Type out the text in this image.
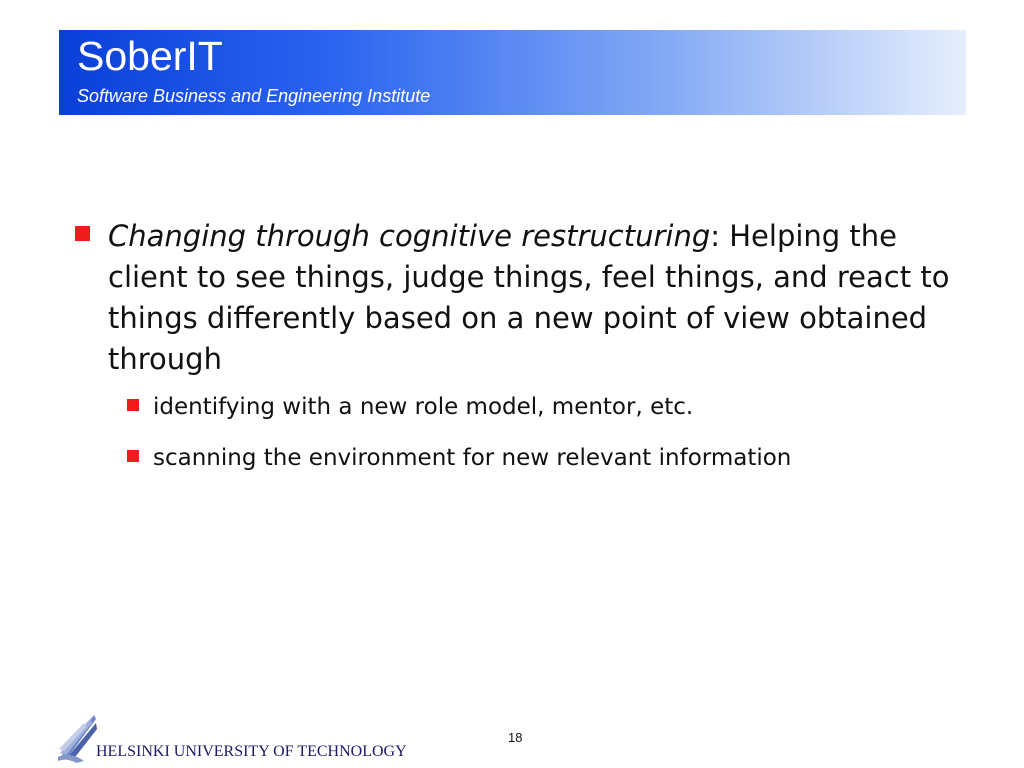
SoberIT

Software Business and Engineering Institute

Changing through cognitive restructuring: Helping the client to see things, judge things, feel things, and react to things differently based on a new point of view obtained through
identifying with a new role model, mentor, etc.
scanning the environment for new relevant information

HELSINKI UNIVERSITY OF TECHNOLOGY

18
